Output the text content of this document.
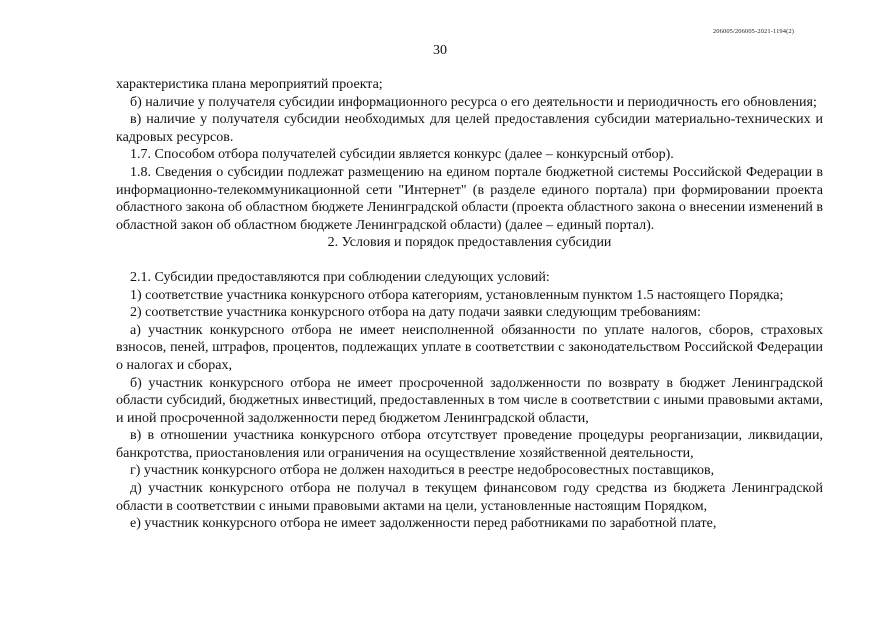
206005/206005-2021-1194(2)
30

характеристика плана мероприятий проекта;

б) наличие у получателя субсидии информационного ресурса о его деятельности и периодичность его обновления;

в) наличие у получателя субсидии необходимых для целей предоставления субсидии материально-технических и кадровых ресурсов.

1.7. Способом отбора получателей субсидии является конкурс (далее – конкурсный отбор).

1.8. Сведения о субсидии подлежат размещению на едином портале бюджетной системы Российской Федерации в информационно-телекоммуникационной сети "Интернет" (в разделе единого портала) при формировании проекта областного закона об областном бюджете Ленинградской области (проекта областного закона о внесении изменений в областной закон об областном бюджете Ленинградской области) (далее – единый портал).

2. Условия и порядок предоставления субсидии

2.1. Субсидии предоставляются при соблюдении следующих условий:

1) соответствие участника конкурсного отбора категориям, установленным пунктом 1.5 настоящего Порядка;

2) соответствие участника конкурсного отбора на дату подачи заявки следующим требованиям:

а) участник конкурсного отбора не имеет неисполненной обязанности по уплате налогов, сборов, страховых взносов, пеней, штрафов, процентов, подлежащих уплате в соответствии с законодательством Российской Федерации о налогах и сборах,

б) участник конкурсного отбора не имеет просроченной задолженности по возврату в бюджет Ленинградской области субсидий, бюджетных инвестиций, предоставленных в том числе в соответствии с иными правовыми актами, и иной просроченной задолженности перед бюджетом Ленинградской области,

в) в отношении участника конкурсного отбора отсутствует проведение процедуры реорганизации, ликвидации, банкротства, приостановления или ограничения на осуществление хозяйственной деятельности,

г) участник конкурсного отбора не должен находиться в реестре недобросовестных поставщиков,

д) участник конкурсного отбора не получал в текущем финансовом году средства из бюджета Ленинградской области в соответствии с иными правовыми актами на цели, установленные настоящим Порядком,

е) участник конкурсного отбора не имеет задолженности перед работниками по заработной плате,
